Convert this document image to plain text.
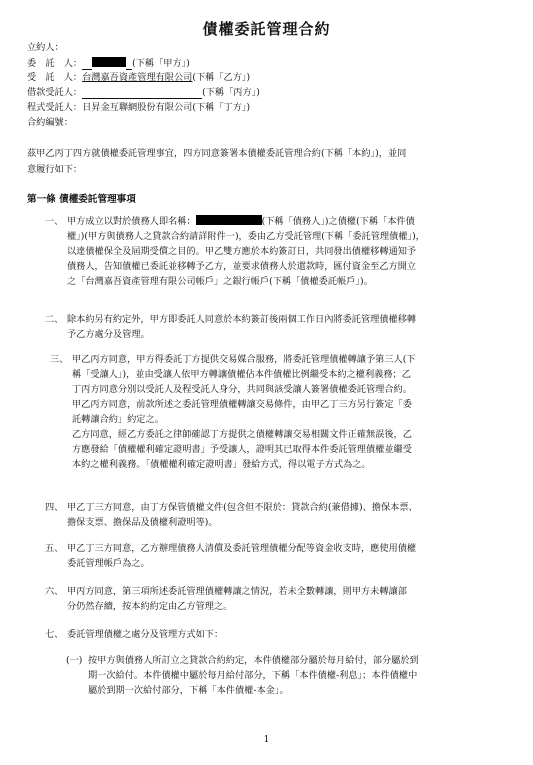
債權委託管理合約
立約人：
委　託　人：	(下稱「甲方」)
受　託　人：台灣嘉吾資產管理有限公司(下稱「乙方」)
借款受託人：	(下稱「丙方」)
程式受託人：日昇金互聯網股份有限公司(下稱「丁方」)
合約編號：
茲甲乙丙丁四方就債權委託管理事宜，四方同意簽署本債權委託管理合約(下稱「本約」)，並同
意履行如下：
第一條 債權委託管理事項
一、 甲方成立以對於債務人即名稱：	(下稱「債務人」)之債權(下稱「本件債
權」)(甲方與債務人之貸款合約請詳附件一)，委由乙方受託管理(下稱「委託管理債權」)，
以達債權保全及屆期受償之目的。甲乙雙方應於本約簽訂日，共同發出債權移轉通知予
債務人，告知債權已委託並移轉予乙方，並要求債務人於還款時，匯付資金至乙方開立
之「台灣嘉吾資產管理有限公司帳戶」之銀行帳戶(下稱「債權委託帳戶」)。
二、 除本約另有約定外，甲方即委託人同意於本約簽訂後兩個工作日內將委託管理債權移轉
予乙方處分及管理。
三、 甲乙丙方同意，甲方得委託丁方提供交易媒合服務，將委託管理債權轉讓予第三人(下
稱「受讓人」)，並由受讓人依甲方轉讓債權佔本件債權比例繼受本約之權利義務；乙
丁丙方同意分別以受託人及程受託人身分，共同與該受讓人簽署債權委託管理合約。
甲乙丙方同意，前款所述之委託管理債權轉讓交易條件，由甲乙丁三方另行簽定「委
託轉讓合約」約定之。
乙方同意，經乙方委託之律師確認丁方提供之債權轉讓交易相關文件正確無誤後，乙
方應發給「債權權利確定證明書」予受讓人，證明其已取得本件委託管理債權並繼受
本約之權利義務。「債權權利確定證明書」發給方式，得以電子方式為之。
四、 甲乙丁三方同意，由丁方保管債權文件(包含但不限於：貸款合約(兼借據)、擔保本票、
擔保支票、擔保品及債權利證明等)。
五、 甲乙丁三方同意，乙方辦理債務人清償及委託管理債權分配等資金收支時，應使用債權
委託管理帳戶為之。
六、 甲丙方同意，第三項所述委託管理債權轉讓之情況，若未全數轉讓，則甲方未轉讓部
分仍然存續，按本約約定由乙方管理之。
七、 委託管理債權之處分及管理方式如下：
(一) 按甲方與債務人所訂立之貸款合約約定，本件債權部分屬於每月給付，部分屬於到
期一次給付。本件債權中屬於每月給付部分，下稱「本件債權-利息」；本件債權中
屬於到期一次給付部分，下稱「本件債權-本金」。
1
